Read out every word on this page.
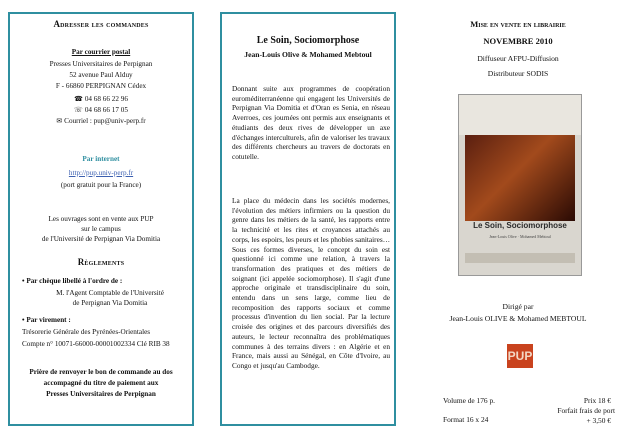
Adresser les commandes
Par courrier postal
Presses Universitaires de Perpignan
52 avenue Paul Alduy
F - 66860 PERPIGNAN Cédex
☎ 04 68 66 22 96
☏ 04 68 66 17 05
✉ Courriel : pup@univ-perp.fr
Par internet
http://pup.univ-perp.fr
(port gratuit pour la France)
Les ouvrages sont en vente aux PUP
sur le campus
de l'Université de Perpignan Via Domitia
Règlements
• Par chèque libellé à l'ordre de :
M. l'Agent Comptable de l'Université
de Perpignan Via Domitia
• Par virement :
Trésorerie Générale des Pyrénées-Orientales
Compte n° 10071-66000-00001002334 Clé RIB 38
Prière de renvoyer le bon de commande au dos
accompagné du titre de paiement aux
Presses Universitaires de Perpignan
Le Soin, Sociomorphose
Jean-Louis Olive & Mohamed Mebtoul
Donnant suite aux programmes de coopération euroméditerranéenne qui engagent les Universités de Perpignan Via Domitia et d'Oran es Senia, en réseau Averroes, ces journées ont permis aux enseignants et étudiants des deux rives de développer un axe d'échanges interculturels, afin de valoriser les travaux des différents chercheurs au travers de doctorats en cotutelle.
La place du médecin dans les sociétés modernes, l'évolution des métiers infirmiers ou la question du genre dans les métiers de la santé, les rapports entre la technicité et les rites et croyances attachés au corps, les espoirs, les peurs et les phobies sanitaires… Sous ces formes diverses, le concept du soin est questionné ici comme une relation, à travers la transformation des pratiques et des métiers de soignant (ici appelée sociomorphose). Il s'agit d'une approche originale et transdisciplinaire du soin, entendu dans un sens large, comme lieu de recomposition des rapports sociaux et comme processus d'invention du lien social. Par la lecture croisée des origines et des parcours diversifiés des auteurs, le lecteur reconnaîtra des problématiques communes à des terrains divers : en Algérie et en France, mais aussi au Sénégal, en Côte d'Ivoire, au Congo et jusqu'au Cambodge.
Mise en vente en librairie
NOVEMBRE 2010
Diffuseur AFPU-Diffusion
Distributeur SODIS
Le Soin, Sociomorphose
Jean-Louis Olive · Mohamed Mebtoul
Dirigé par
Jean-Louis OLIVE & Mohamed MEBTOUL
PUP
Volume de 176 p.
Format 16 x 24
Prix 18 €
Forfait frais de port
+ 3,50 €
